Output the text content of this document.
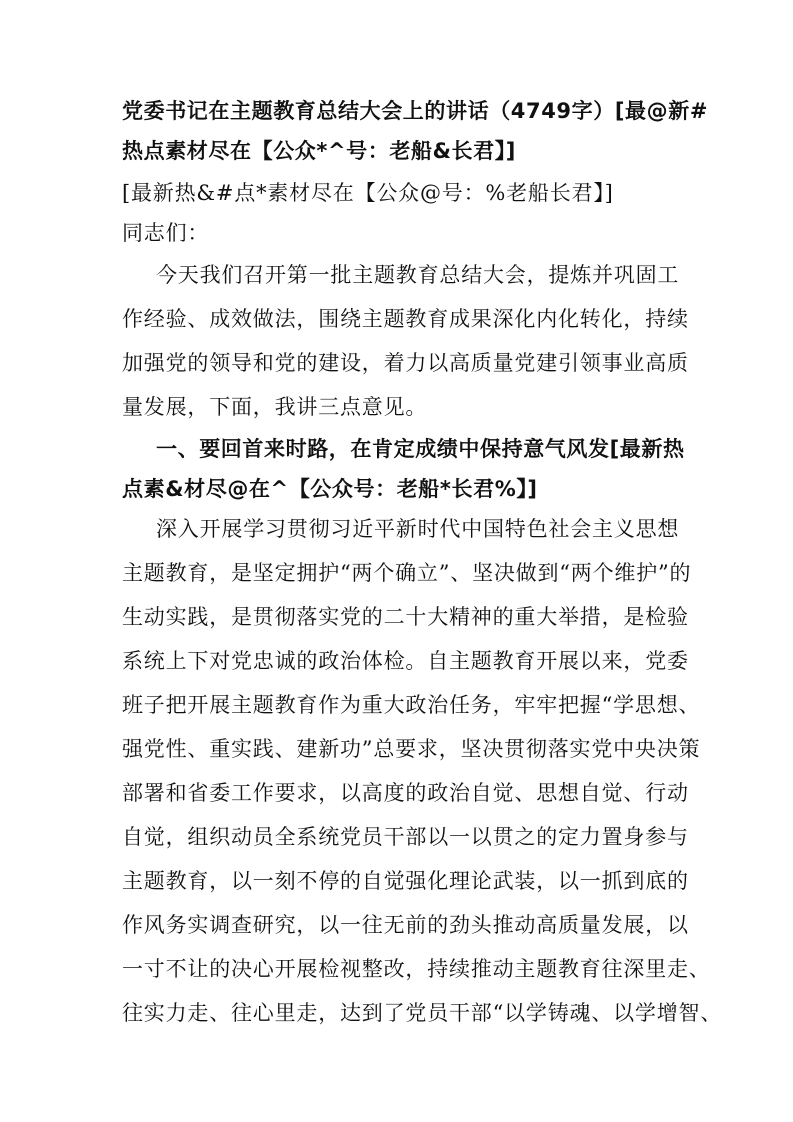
党委书记在主题教育总结大会上的讲话（4749字）[最@新#
热点素材尽在【公众*^号：老船&长君】]
[最新热&#点*素材尽在【公众@号：%老船长君】]
同志们：
今天我们召开第一批主题教育总结大会，提炼并巩固工
作经验、成效做法，围绕主题教育成果深化内化转化，持续
加强党的领导和党的建设，着力以高质量党建引领事业高质
量发展，下面，我讲三点意见。
一、要回首来时路，在肯定成绩中保持意气风发[最新热
点素&材尽@在^【公众号：老船*长君%】]
深入开展学习贯彻习近平新时代中国特色社会主义思想
主题教育，是坚定拥护“两个确立”、坚决做到“两个维护”的
生动实践，是贯彻落实党的二十大精神的重大举措，是检验
系统上下对党忠诚的政治体检。自主题教育开展以来，党委
班子把开展主题教育作为重大政治任务，牢牢把握“学思想、
强党性、重实践、建新功”总要求，坚决贯彻落实党中央决策
部署和省委工作要求，以高度的政治自觉、思想自觉、行动
自觉，组织动员全系统党员干部以一以贯之的定力置身参与
主题教育，以一刻不停的自觉强化理论武装，以一抓到底的
作风务实调查研究，以一往无前的劲头推动高质量发展，以
一寸不让的决心开展检视整改，持续推动主题教育往深里走、
往实力走、往心里走，达到了党员干部“以学铸魂、以学增智、
